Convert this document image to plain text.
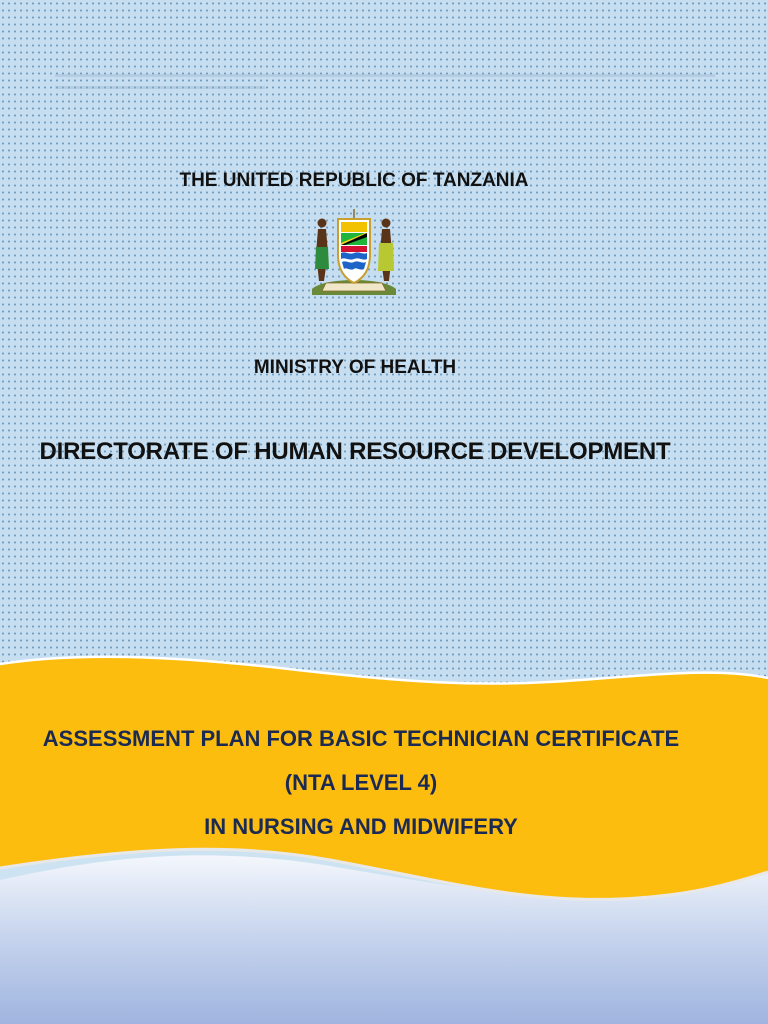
THE UNITED REPUBLIC OF TANZANIA
MINISTRY OF HEALTH
DIRECTORATE OF HUMAN RESOURCE DEVELOPMENT
ASSESSMENT PLAN FOR BASIC TECHNICIAN CERTIFICATE
(NTA LEVEL 4)
IN NURSING AND MIDWIFERY
